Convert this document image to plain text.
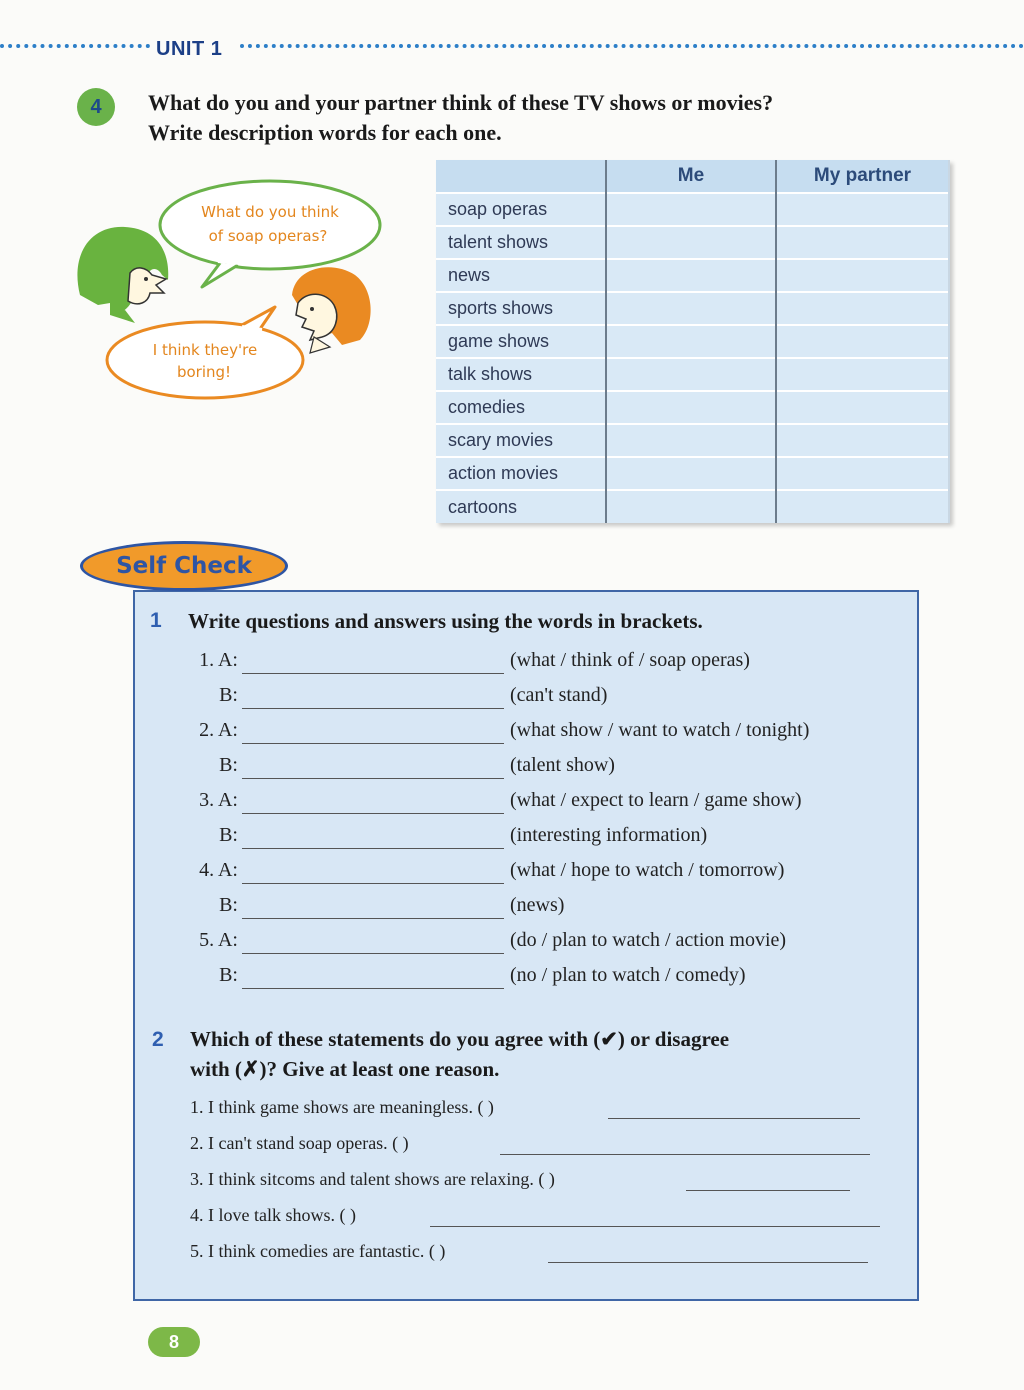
UNIT 1
4	What do you and your partner think of these TV shows or movies?
Write description words for each one.
What do you think
of soap operas?
I think they're
boring!
	Me	My partner
soap operas		
talent shows		
news		
sports shows		
game shows		
talk shows		
comedies		
scary movies		
action movies		
cartoons		
Self Check
1 Write questions and answers using the words in brackets.
1. A:	(what / think of / soap operas)
B:	(can't stand)
2. A:	(what show / want to watch / tonight)
B:	(talent show)
3. A:	(what / expect to learn / game show)
B:	(interesting information)
4. A:	(what / hope to watch / tomorrow)
B:	(news)
5. A:	(do / plan to watch / action movie)
B:	(no / plan to watch / comedy)
2 Which of these statements do you agree with (✔) or disagree
with (✗)? Give at least one reason.
1. I think game shows are meaningless. ( )
2. I can't stand soap operas. ( )
3. I think sitcoms and talent shows are relaxing. ( )
4. I love talk shows. ( )
5. I think comedies are fantastic. ( )
8
